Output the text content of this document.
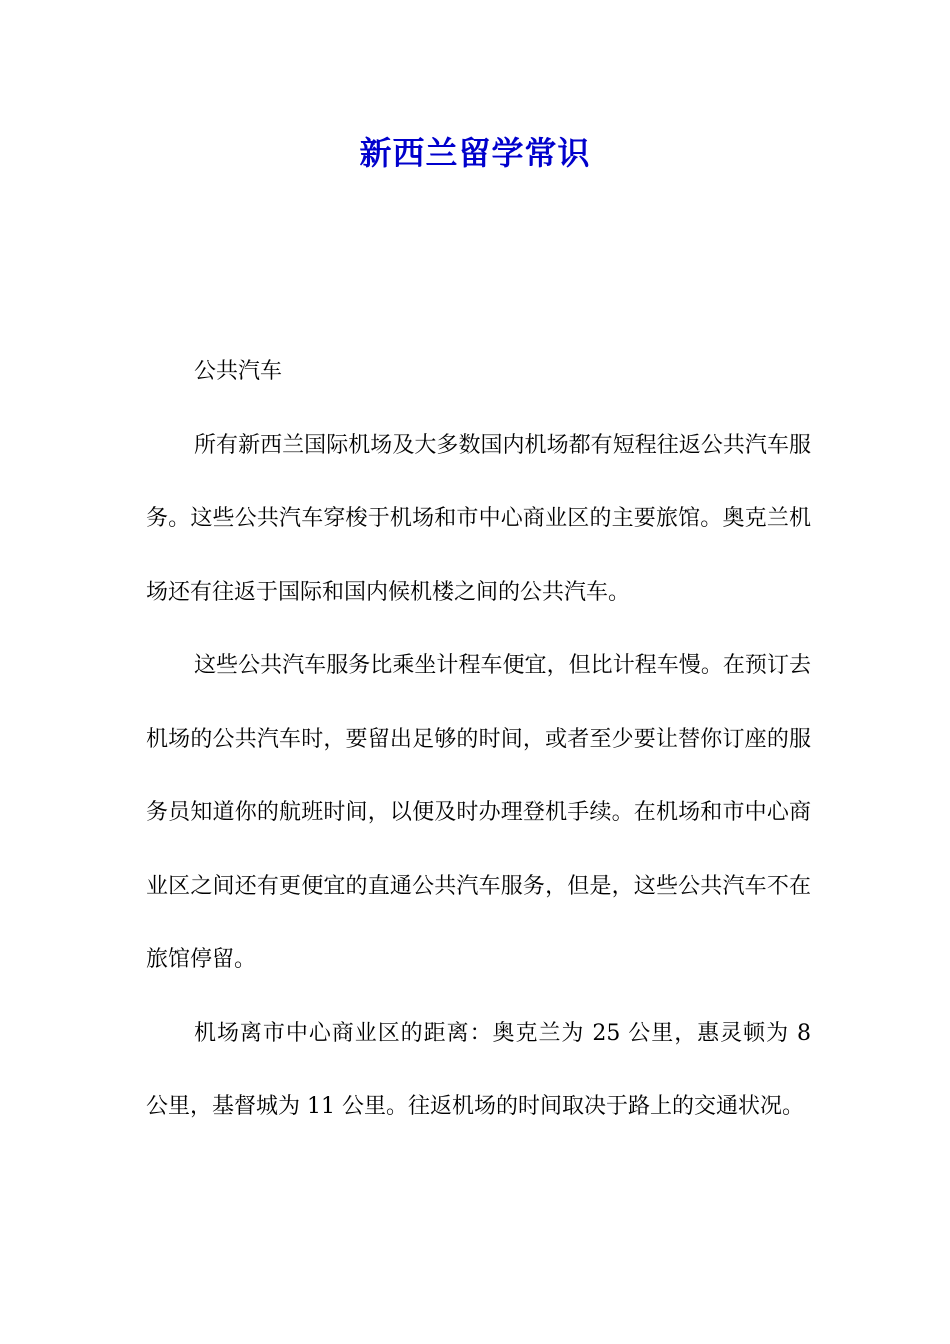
新西兰留学常识

公共汽车

所有新西兰国际机场及大多数国内机场都有短程往返公共汽车服务。这些公共汽车穿梭于机场和市中心商业区的主要旅馆。奥克兰机场还有往返于国际和国内候机楼之间的公共汽车。

这些公共汽车服务比乘坐计程车便宜，但比计程车慢。在预订去机场的公共汽车时，要留出足够的时间，或者至少要让替你订座的服务员知道你的航班时间，以便及时办理登机手续。在机场和市中心商业区之间还有更便宜的直通公共汽车服务，但是，这些公共汽车不在旅馆停留。

机场离市中心商业区的距离：奥克兰为 25 公里，惠灵顿为 8 公里，基督城为 11 公里。往返机场的时间取决于路上的交通状况。
